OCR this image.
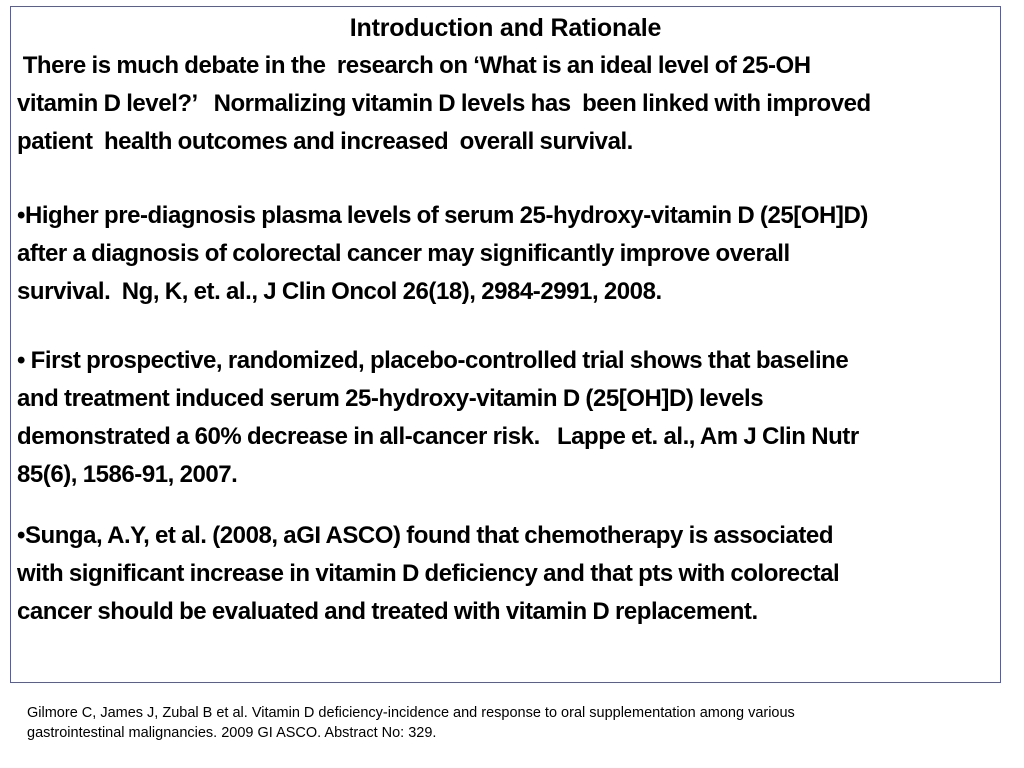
Introduction and Rationale
There is much debate in the  research on ‘What is an ideal level of 25-OH
vitamin D level?’   Normalizing vitamin D levels has  been linked with improved
patient  health outcomes and increased  overall survival.
•Higher pre-diagnosis plasma levels of serum 25-hydroxy-vitamin D (25[OH]D)
after a diagnosis of colorectal cancer may significantly improve overall
survival.  Ng, K, et. al., J Clin Oncol 26(18), 2984-2991, 2008.
• First prospective, randomized, placebo-controlled trial shows that baseline
and treatment induced serum 25-hydroxy-vitamin D (25[OH]D) levels
demonstrated a 60% decrease in all-cancer risk.   Lappe et. al., Am J Clin Nutr
85(6), 1586-91, 2007.
•Sunga, A.Y, et al. (2008, aGI ASCO) found that chemotherapy is associated
with significant increase in vitamin D deficiency and that pts with colorectal
cancer should be evaluated and treated with vitamin D replacement.
Gilmore C, James J, Zubal B et al. Vitamin D deficiency-incidence and response to oral supplementation among various
gastrointestinal malignancies. 2009 GI ASCO. Abstract No: 329.
